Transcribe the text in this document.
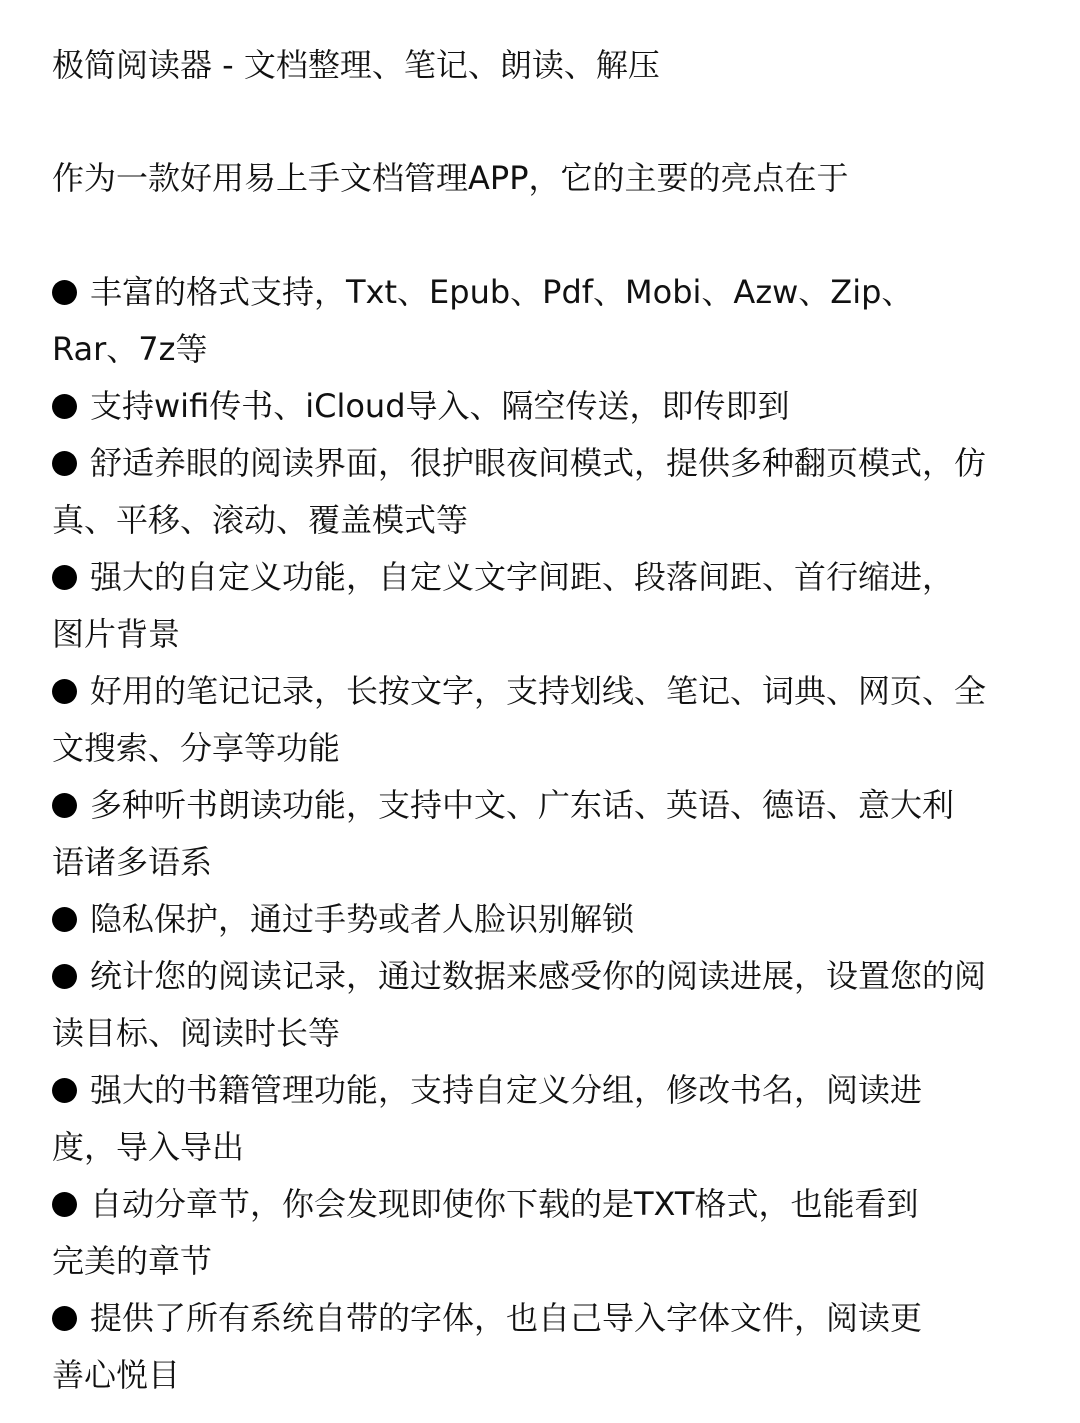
极简阅读器 - 文档整理、笔记、朗读、解压

作为一款好用易上手文档管理APP，它的主要的亮点在于

丰富的格式支持，Txt、Epub、Pdf、Mobi、Azw、Zip、
Rar、7z等
支持wifi传书、iCloud导入、隔空传送，即传即到
舒适养眼的阅读界面，很护眼夜间模式，提供多种翻页模式，仿
真、平移、滚动、覆盖模式等
强大的自定义功能，自定义文字间距、段落间距、首行缩进，
图片背景
好用的笔记记录，长按文字，支持划线、笔记、词典、网页、全
文搜索、分享等功能
多种听书朗读功能，支持中文、广东话、英语、德语、意大利
语诸多语系
隐私保护，通过手势或者人脸识别解锁
统计您的阅读记录，通过数据来感受你的阅读进展，设置您的阅
读目标、阅读时长等
强大的书籍管理功能，支持自定义分组，修改书名，阅读进
度，导入导出
自动分章节，你会发现即使你下载的是TXT格式，也能看到
完美的章节
提供了所有系统自带的字体，也自己导入字体文件，阅读更
善心悦目
